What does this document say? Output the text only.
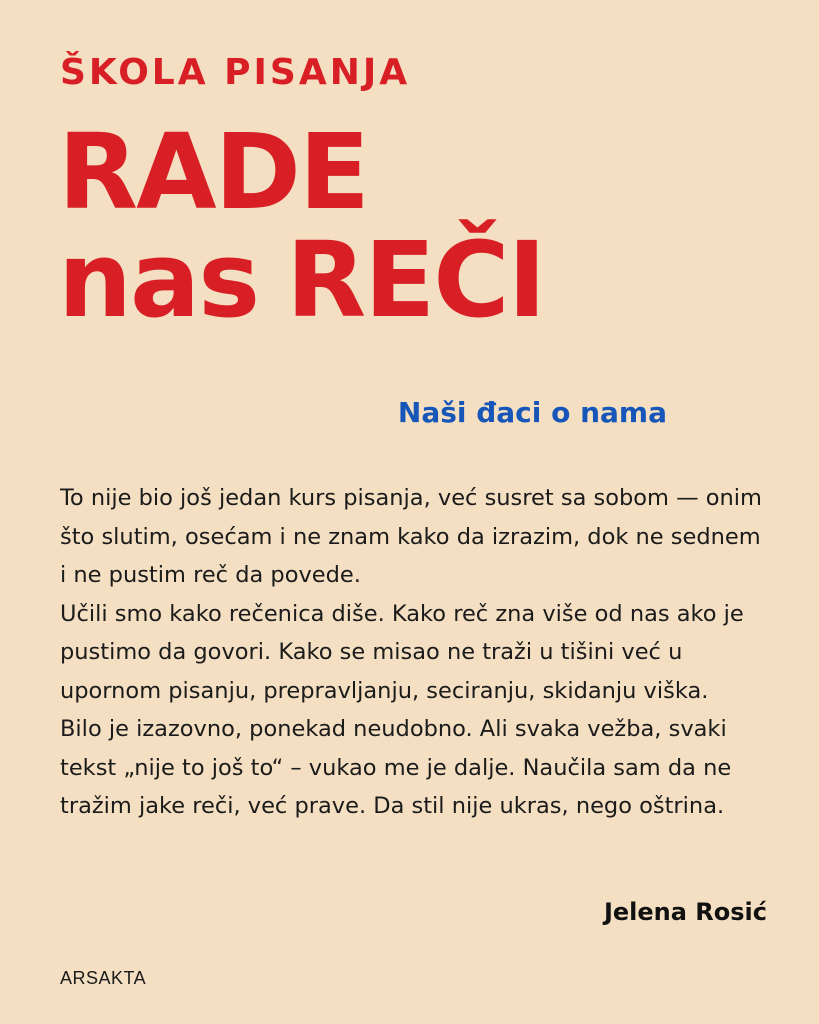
ŠKOLA PISANJA

RADE
nas REČI

Naši đaci o nama

To nije bio još jedan kurs pisanja, već susret sa sobom — onim što slutim, osećam i ne znam kako da izrazim, dok ne sednem i ne pustim reč da povede.

Učili smo kako rečenica diše. Kako reč zna više od nas ako je pustimo da govori. Kako se misao ne traži u tišini već u upornom pisanju, prepravljanju, seciranju, skidanju viška.

Bilo je izazovno, ponekad neudobno. Ali svaka vežba, svaki tekst „nije to još to“ – vukao me je dalje. Naučila sam da ne tražim jake reči, već prave. Da stil nije ukras, nego oštrina.

Jelena Rosić

ARSAKTA
